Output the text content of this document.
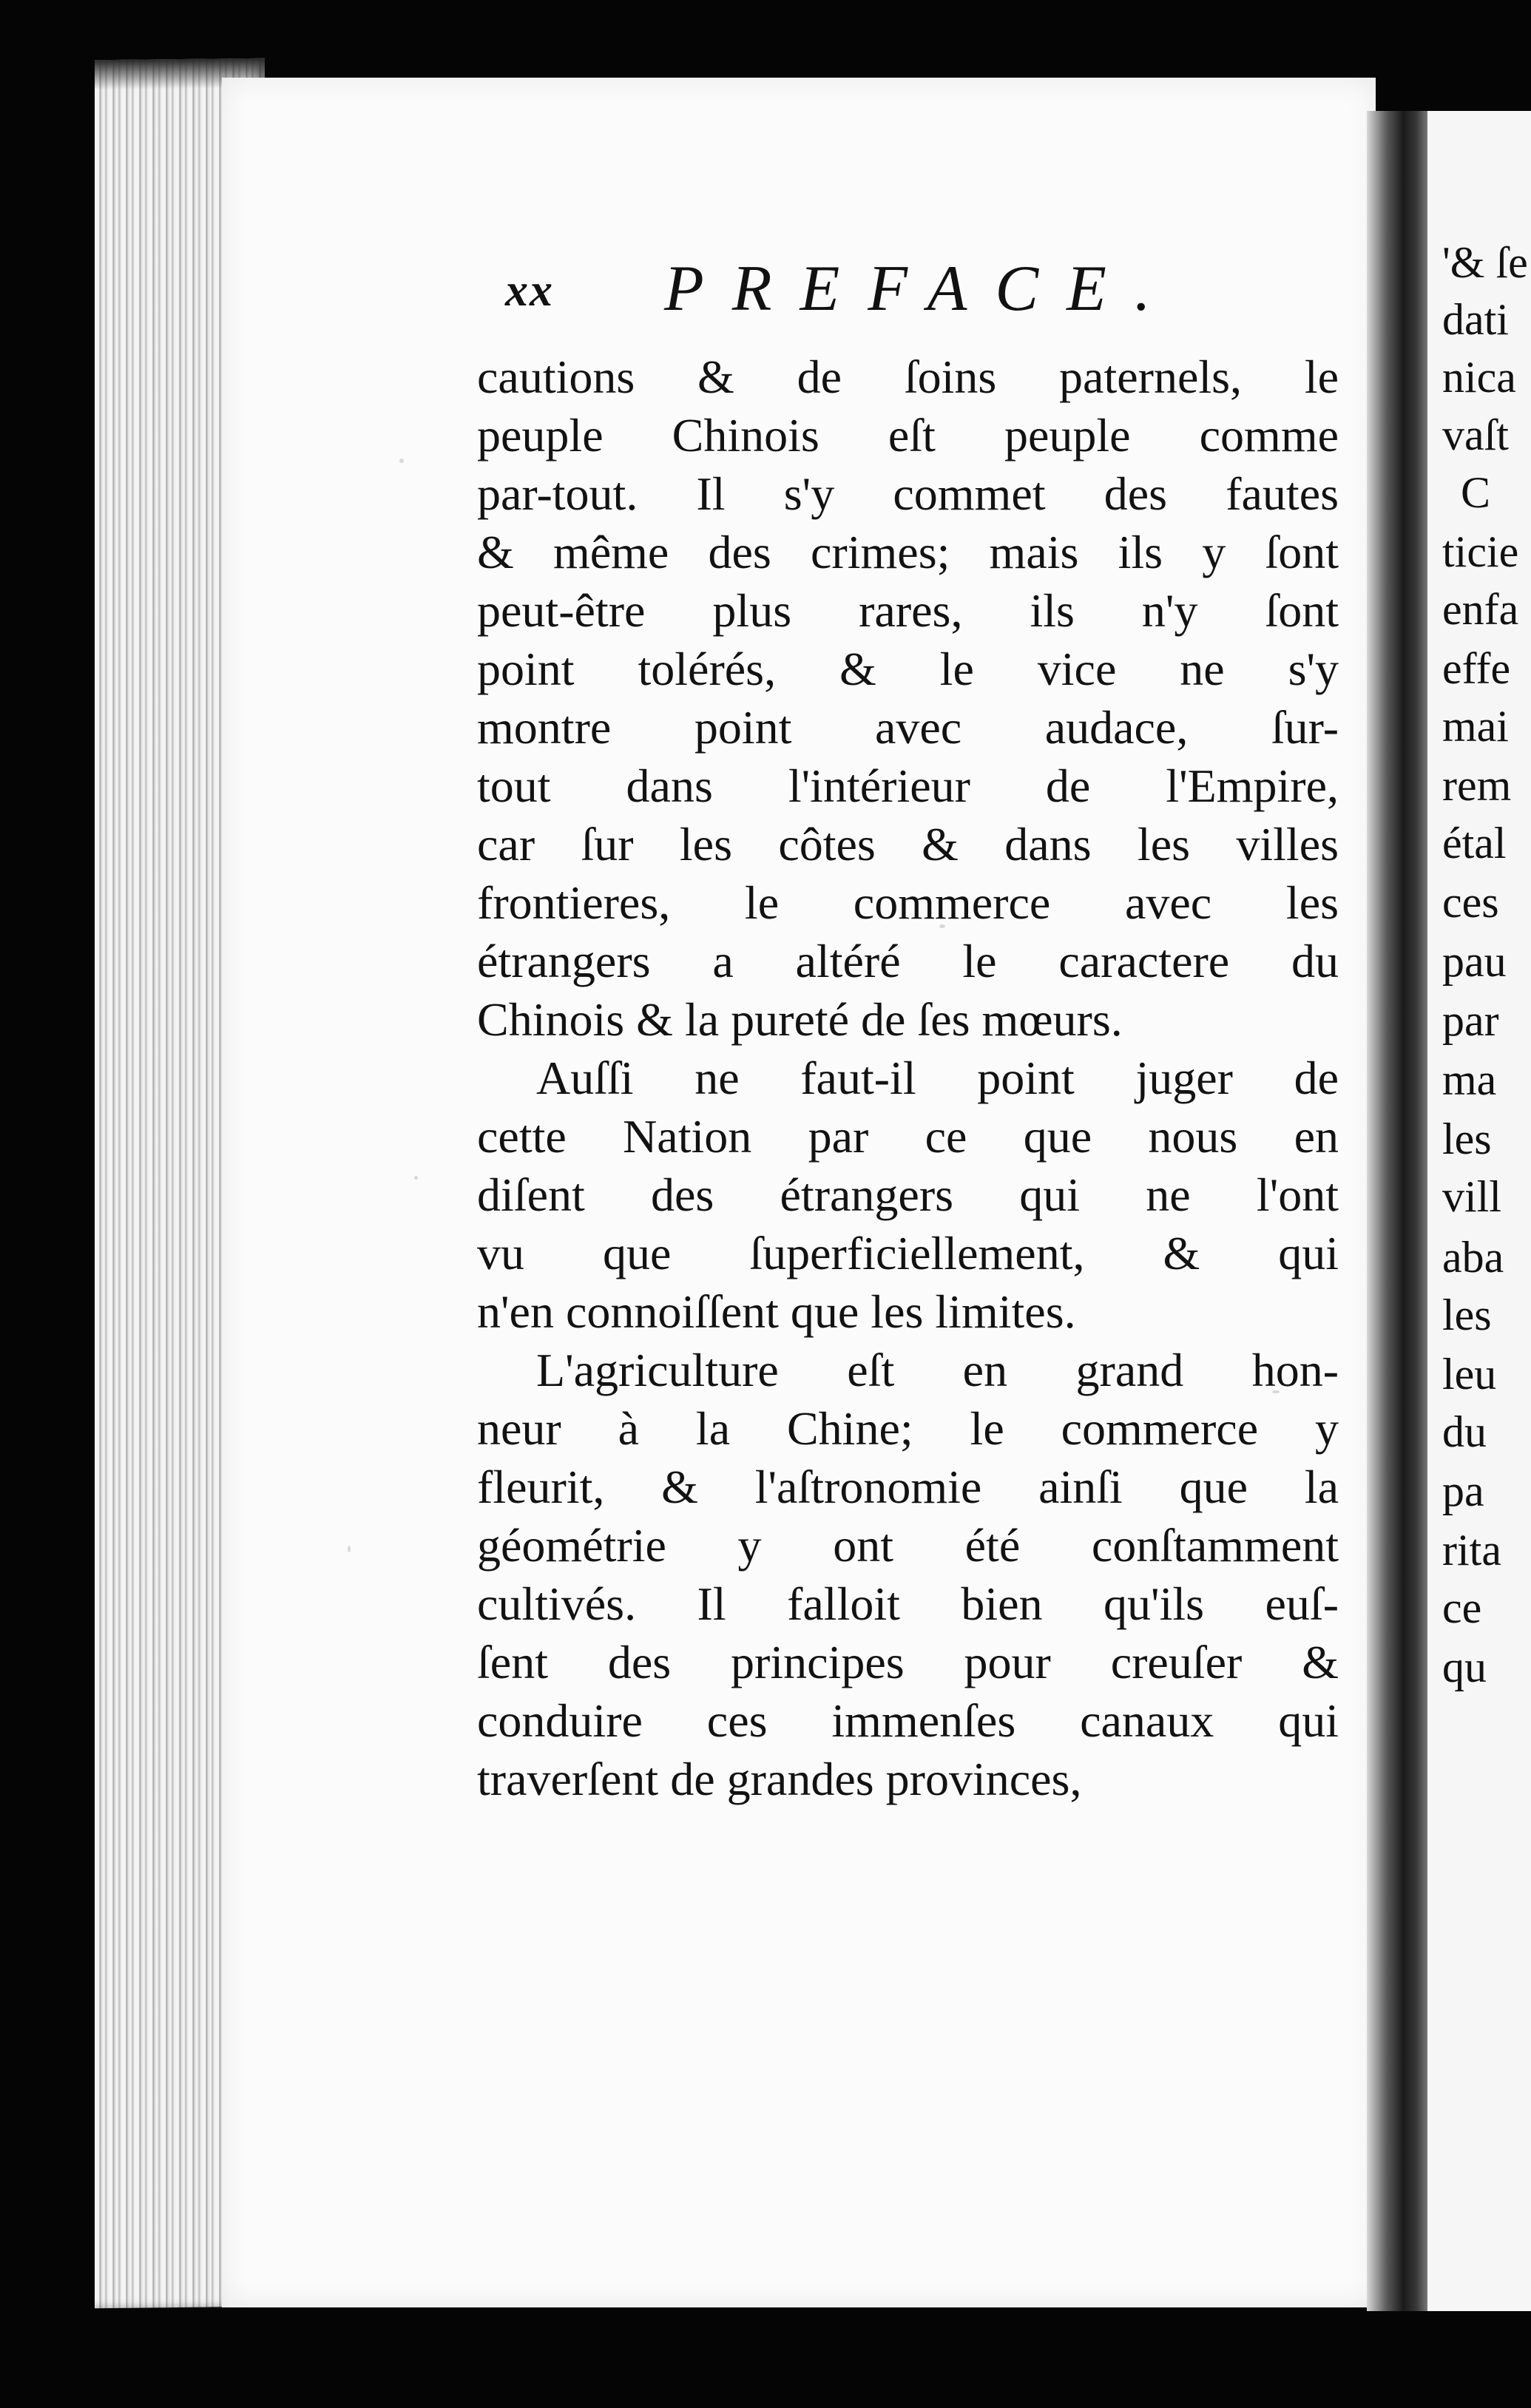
'& ſe
dati
nica
vaſt
C
ticie
enfa
effe
mai
rem
étal
ces
pau
par
ma
les
vill
aba
les
leu
du
pa
rita
ce
qu
xx PREFACE.
cautions & de ſoins paternels, le
peuple Chinois eſt peuple comme
par-tout. Il s'y commet des fautes
& même des crimes; mais ils y ſont
peut-être plus rares, ils n'y ſont
point tolérés, & le vice ne s'y
montre point avec audace, ſur-
tout dans l'intérieur de l'Empire,
car ſur les côtes & dans les villes
frontieres, le commerce avec les
étrangers a altéré le caractere du
Chinois & la pureté de ſes mœurs.
Auſſi ne faut-il point juger de
cette Nation par ce que nous en
diſent des étrangers qui ne l'ont
vu que ſuperficiellement, & qui
n'en connoiſſent que les limites.
L'agriculture eſt en grand hon-
neur à la Chine; le commerce y
fleurit, & l'aſtronomie ainſi que la
géométrie y ont été conſtamment
cultivés. Il falloit bien qu'ils euſ-
ſent des principes pour creuſer &
conduire ces immenſes canaux qui
traverſent de grandes provinces,
